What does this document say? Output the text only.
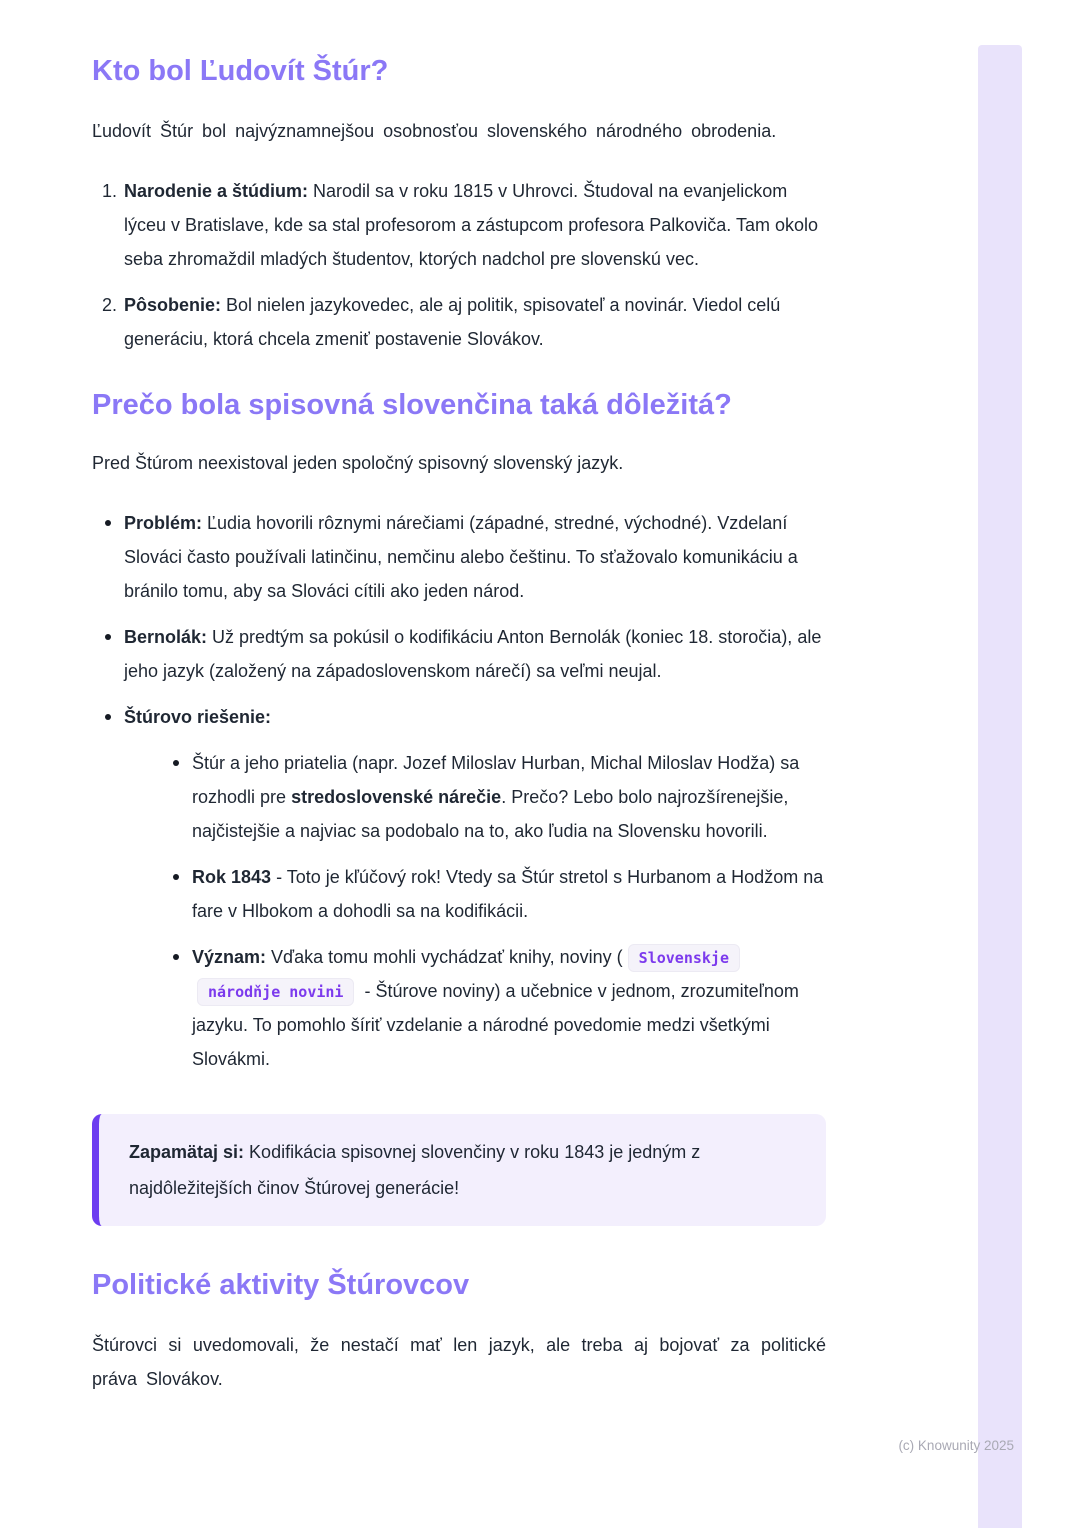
Kto bol Ľudovít Štúr?

Ľudovít Štúr bol najvýznamnejšou osobnosťou slovenského národného obrodenia.

1. Narodenie a štúdium: Narodil sa v roku 1815 v Uhrovci. Študoval na evanjelickom lýceu v Bratislave, kde sa stal profesorom a zástupcom profesora Palkoviča. Tam okolo seba zhromaždil mladých študentov, ktorých nadchol pre slovenskú vec.
2. Pôsobenie: Bol nielen jazykovedec, ale aj politik, spisovateľ a novinár. Viedol celú generáciu, ktorá chcela zmeniť postavenie Slovákov.
Prečo bola spisovná slovenčina taká dôležitá?

Pred Štúrom neexistoval jeden spoločný spisovný slovenský jazyk.

Problém: Ľudia hovorili rôznymi nárečiami (západné, stredné, východné). Vzdelaní Slováci často používali latinčinu, nemčinu alebo češtinu. To sťažovalo komunikáciu a bránilo tomu, aby sa Slováci cítili ako jeden národ.
Bernolák: Už predtým sa pokúsil o kodifikáciu Anton Bernolák (koniec 18. storočia), ale jeho jazyk (založený na západoslovenskom nárečí) sa veľmi neujal.
Štúrovo riešenie:
Štúr a jeho priatelia (napr. Jozef Miloslav Hurban, Michal Miloslav Hodža) sa rozhodli pre stredoslovenské nárečie. Prečo? Lebo bolo najrozšírenejšie, najčistejšie a najviac sa podobalo na to, ako ľudia na Slovensku hovorili.
Rok 1843 - Toto je kľúčový rok! Vtedy sa Štúr stretol s Hurbanom a Hodžom na fare v Hlbokom a dohodli sa na kodifikácii.
Význam: Vďaka tomu mohli vychádzať knihy, noviny ( Slovenskjenárodňje novini - Štúrove noviny) a učebnice v jednom, zrozumiteľnom jazyku. To pomohlo šíriť vzdelanie a národné povedomie medzi všetkými Slovákmi.
Zapamätaj si: Kodifikácia spisovnej slovenčiny v roku 1843 je jedným z najdôležitejších činov Štúrovej generácie!
Politické aktivity Štúrovcov

Štúrovci si uvedomovali, že nestačí mať len jazyk, ale treba aj bojovať za politické práva Slovákov.

(c) Knowunity 2025
